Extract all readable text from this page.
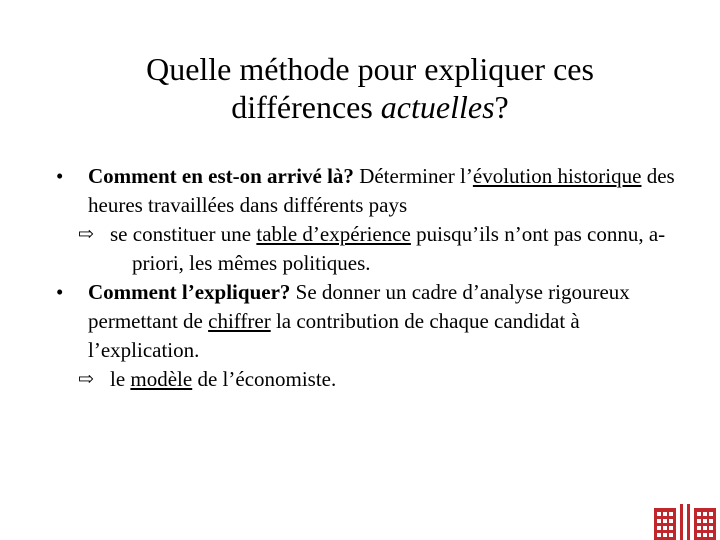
Quelle méthode pour expliquer ces
différences actuelles?
•	Comment en est-on arrivé là? Déterminer l’évolution historique des heures travaillées dans différents pays
⇨ se constituer une table d’expérience puisqu’ils n’ont pas connu, a-priori, les mêmes politiques.
•	Comment l’expliquer? Se donner un cadre d’analyse rigoureux permettant de chiffrer la contribution de chaque candidat à l’explication.
⇨ le modèle de l’économiste.
